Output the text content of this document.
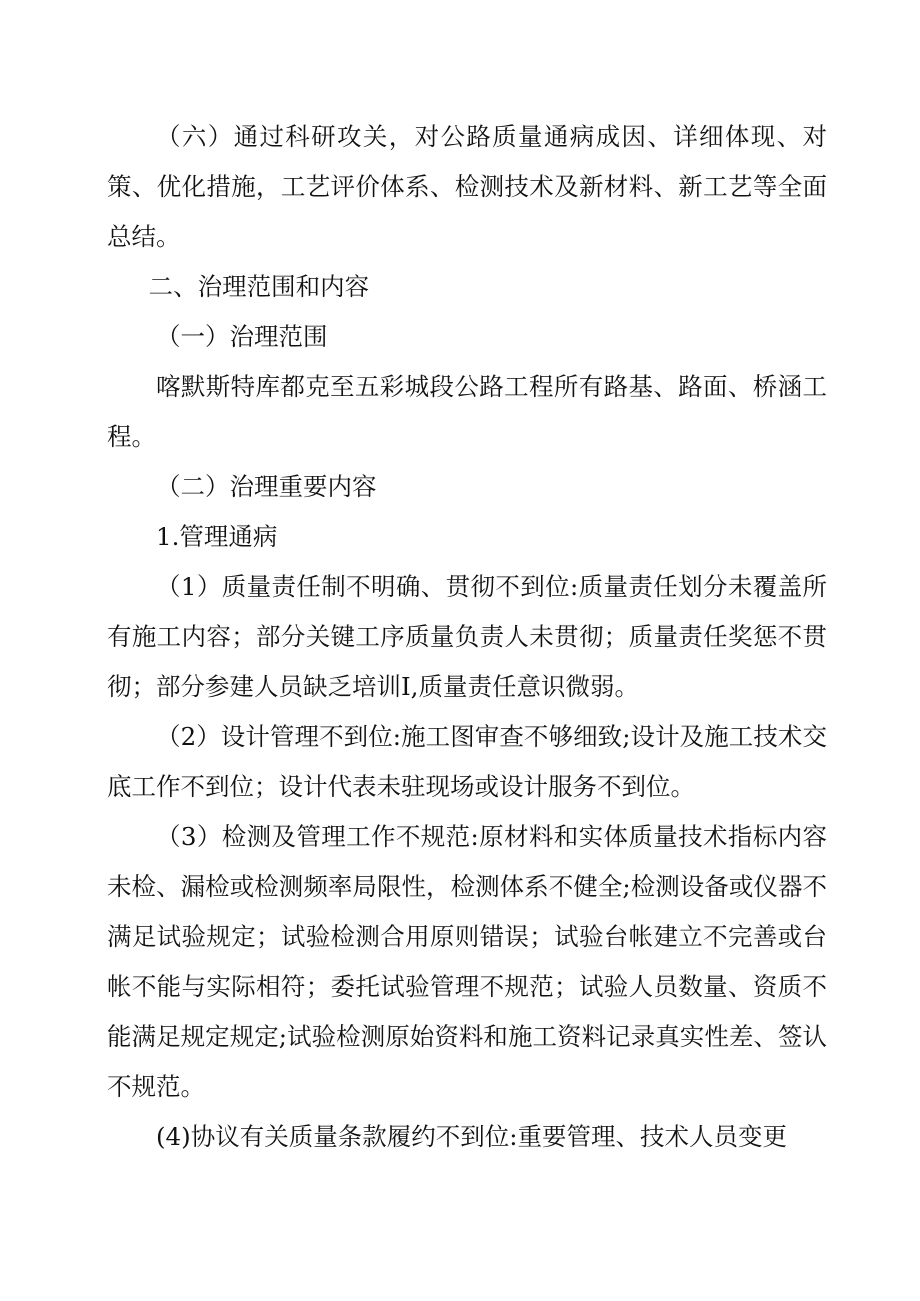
（六）通过科研攻关，对公路质量通病成因、详细体现、对策、优化措施，工艺评价体系、检测技术及新材料、新工艺等全面总结。

二、治理范围和内容

（一）治理范围

喀默斯特库都克至五彩城段公路工程所有路基、路面、桥涵工程。

（二）治理重要内容

1.管理通病

（1）质量责任制不明确、贯彻不到位:质量责任划分未覆盖所有施工内容；部分关键工序质量负责人未贯彻；质量责任奖惩不贯彻；部分参建人员缺乏培训I,质量责任意识微弱。

（2）设计管理不到位:施工图审查不够细致;设计及施工技术交底工作不到位；设计代表未驻现场或设计服务不到位。

（3）检测及管理工作不规范:原材料和实体质量技术指标内容未检、漏检或检测频率局限性，检测体系不健全;检测设备或仪器不满足试验规定；试验检测合用原则错误；试验台帐建立不完善或台帐不能与实际相符；委托试验管理不规范；试验人员数量、资质不能满足规定规定;试验检测原始资料和施工资料记录真实性差、签认不规范。

(4)协议有关质量条款履约不到位:重要管理、技术人员变更
